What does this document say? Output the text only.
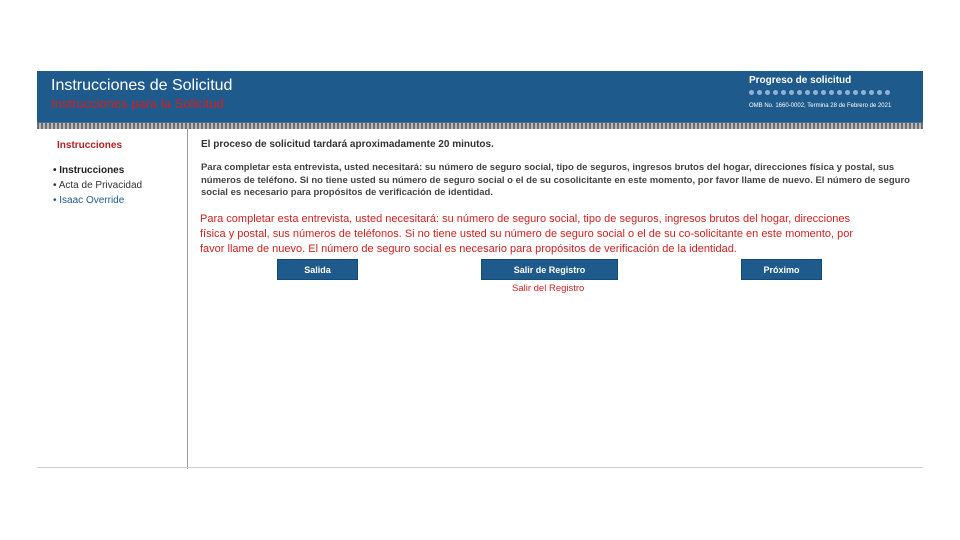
Instrucciones de Solicitud
Instrucciones para la Solicitud
Progreso de solicitud
OMB No. 1660-0002, Termina 28 de Febrero de 2021
Instrucciones
• Instrucciones
• Acta de Privacidad
• Isaac Override

El proceso de solicitud tardará aproximadamente 20 minutos.

Para completar esta entrevista, usted necesitará: su número de seguro social, tipo de seguros, ingresos brutos del hogar, direcciones física y postal, sus números de teléfono. Si no tiene usted su número de seguro social o el de su cosolicitante en este momento, por favor llame de nuevo. El número de seguro social es necesario para propósitos de verificación de identidad.

Para completar esta entrevista, usted necesitará: su número de seguro social, tipo de seguros, ingresos brutos del hogar, direcciones física y postal, sus números de teléfonos. Si no tiene usted su número de seguro social o el de su co-solicitante en este momento, por favor llame de nuevo. El número de seguro social es necesario para propósitos de verificación de la identidad.
Salida	Salir de Registro	Próximo
Salir del Registro
